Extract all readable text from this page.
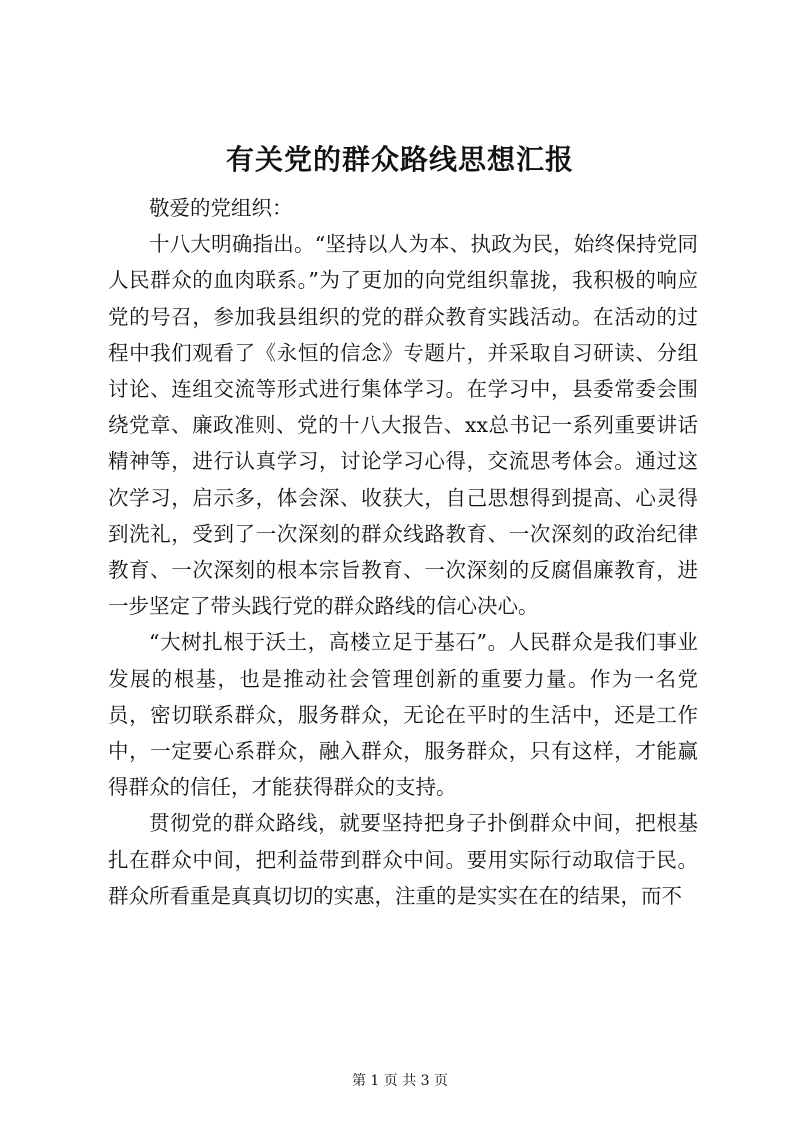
有关党的群众路线思想汇报

敬爱的党组织：

十八大明确指出。“坚持以人为本、执政为民，始终保持党同人民群众的血肉联系。”为了更加的向党组织靠拢，我积极的响应党的号召，参加我县组织的党的群众教育实践活动。在活动的过程中我们观看了《永恒的信念》专题片，并采取自习研读、分组讨论、连组交流等形式进行集体学习。在学习中，县委常委会围绕党章、廉政准则、党的十八大报告、xx总书记一系列重要讲话精神等，进行认真学习，讨论学习心得，交流思考体会。通过这次学习，启示多，体会深、收获大，自己思想得到提高、心灵得到洗礼，受到了一次深刻的群众线路教育、一次深刻的政治纪律教育、一次深刻的根本宗旨教育、一次深刻的反腐倡廉教育，进一步坚定了带头践行党的群众路线的信心决心。

“大树扎根于沃土，高楼立足于基石”。人民群众是我们事业发展的根基，也是推动社会管理创新的重要力量。作为一名党员，密切联系群众，服务群众，无论在平时的生活中，还是工作中，一定要心系群众，融入群众，服务群众，只有这样，才能赢得群众的信任，才能获得群众的支持。

贯彻党的群众路线，就要坚持把身子扑倒群众中间，把根基扎在群众中间，把利益带到群众中间。要用实际行动取信于民。群众所看重是真真切切的实惠，注重的是实实在在的结果，而不

第 1 页 共 3 页
